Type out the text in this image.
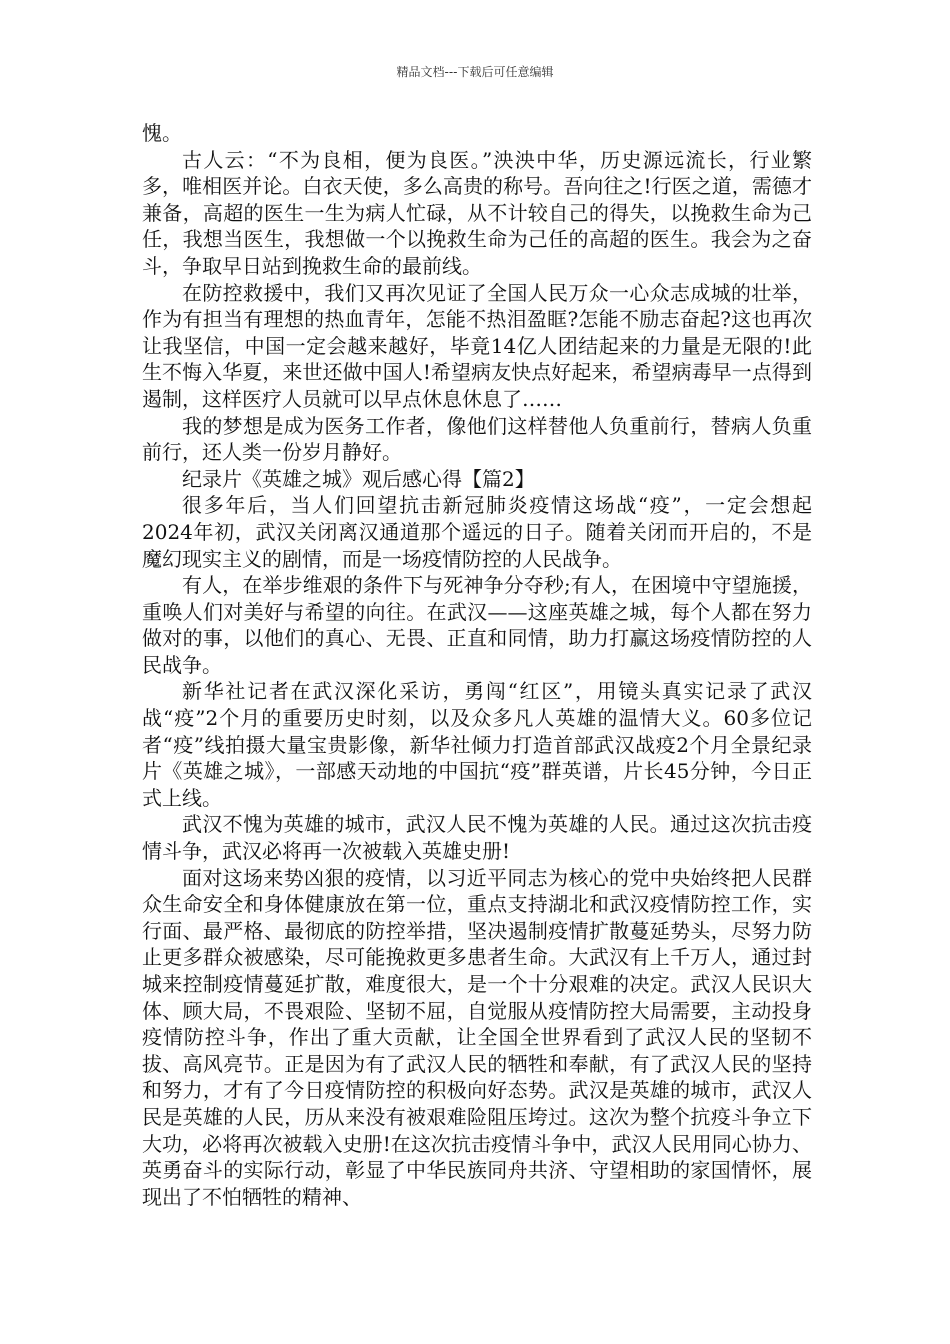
精品文档---下载后可任意编辑

愧。

古人云：“不为良相，便为良医。”泱泱中华，历史源远流长，行业繁多，唯相医并论。白衣天使，多么高贵的称号。吾向往之!行医之道，需德才兼备，高超的医生一生为病人忙碌，从不计较自己的得失，以挽救生命为己任，我想当医生，我想做一个以挽救生命为己任的高超的医生。我会为之奋斗，争取早日站到挽救生命的最前线。

在防控救援中，我们又再次见证了全国人民万众一心众志成城的壮举，作为有担当有理想的热血青年，怎能不热泪盈眶?怎能不励志奋起?这也再次让我坚信，中国一定会越来越好，毕竟14亿人团结起来的力量是无限的!此生不悔入华夏，来世还做中国人!希望病友快点好起来，希望病毒早一点得到遏制，这样医疗人员就可以早点休息休息了……

我的梦想是成为医务工作者，像他们这样替他人负重前行，替病人负重前行，还人类一份岁月静好。

纪录片《英雄之城》观后感心得【篇2】

很多年后，当人们回望抗击新冠肺炎疫情这场战“疫”，一定会想起2024年初，武汉关闭离汉通道那个遥远的日子。随着关闭而开启的，不是魔幻现实主义的剧情，而是一场疫情防控的人民战争。

有人，在举步维艰的条件下与死神争分夺秒;有人，在困境中守望施援，重唤人们对美好与希望的向往。在武汉——这座英雄之城，每个人都在努力做对的事，以他们的真心、无畏、正直和同情，助力打赢这场疫情防控的人民战争。

新华社记者在武汉深化采访，勇闯“红区”，用镜头真实记录了武汉战“疫”2个月的重要历史时刻，以及众多凡人英雄的温情大义。60多位记者“疫”线拍摄大量宝贵影像，新华社倾力打造首部武汉战疫2个月全景纪录片《英雄之城》，一部感天动地的中国抗“疫”群英谱，片长45分钟，今日正式上线。

武汉不愧为英雄的城市，武汉人民不愧为英雄的人民。通过这次抗击疫情斗争，武汉必将再一次被载入英雄史册!

面对这场来势凶狠的疫情，以习近平同志为核心的党中央始终把人民群众生命安全和身体健康放在第一位，重点支持湖北和武汉疫情防控工作，实行面、最严格、最彻底的防控举措，坚决遏制疫情扩散蔓延势头，尽努力防止更多群众被感染，尽可能挽救更多患者生命。大武汉有上千万人，通过封城来控制疫情蔓延扩散，难度很大，是一个十分艰难的决定。武汉人民识大体、顾大局，不畏艰险、坚韧不屈，自觉服从疫情防控大局需要，主动投身疫情防控斗争，作出了重大贡献，让全国全世界看到了武汉人民的坚韧不拔、高风亮节。正是因为有了武汉人民的牺牲和奉献，有了武汉人民的坚持和努力，才有了今日疫情防控的积极向好态势。武汉是英雄的城市，武汉人民是英雄的人民，历从来没有被艰难险阻压垮过。这次为整个抗疫斗争立下大功，必将再次被载入史册!在这次抗击疫情斗争中，武汉人民用同心协力、英勇奋斗的实际行动，彰显了中华民族同舟共济、守望相助的家国情怀，展现出了不怕牺牲的精神、
